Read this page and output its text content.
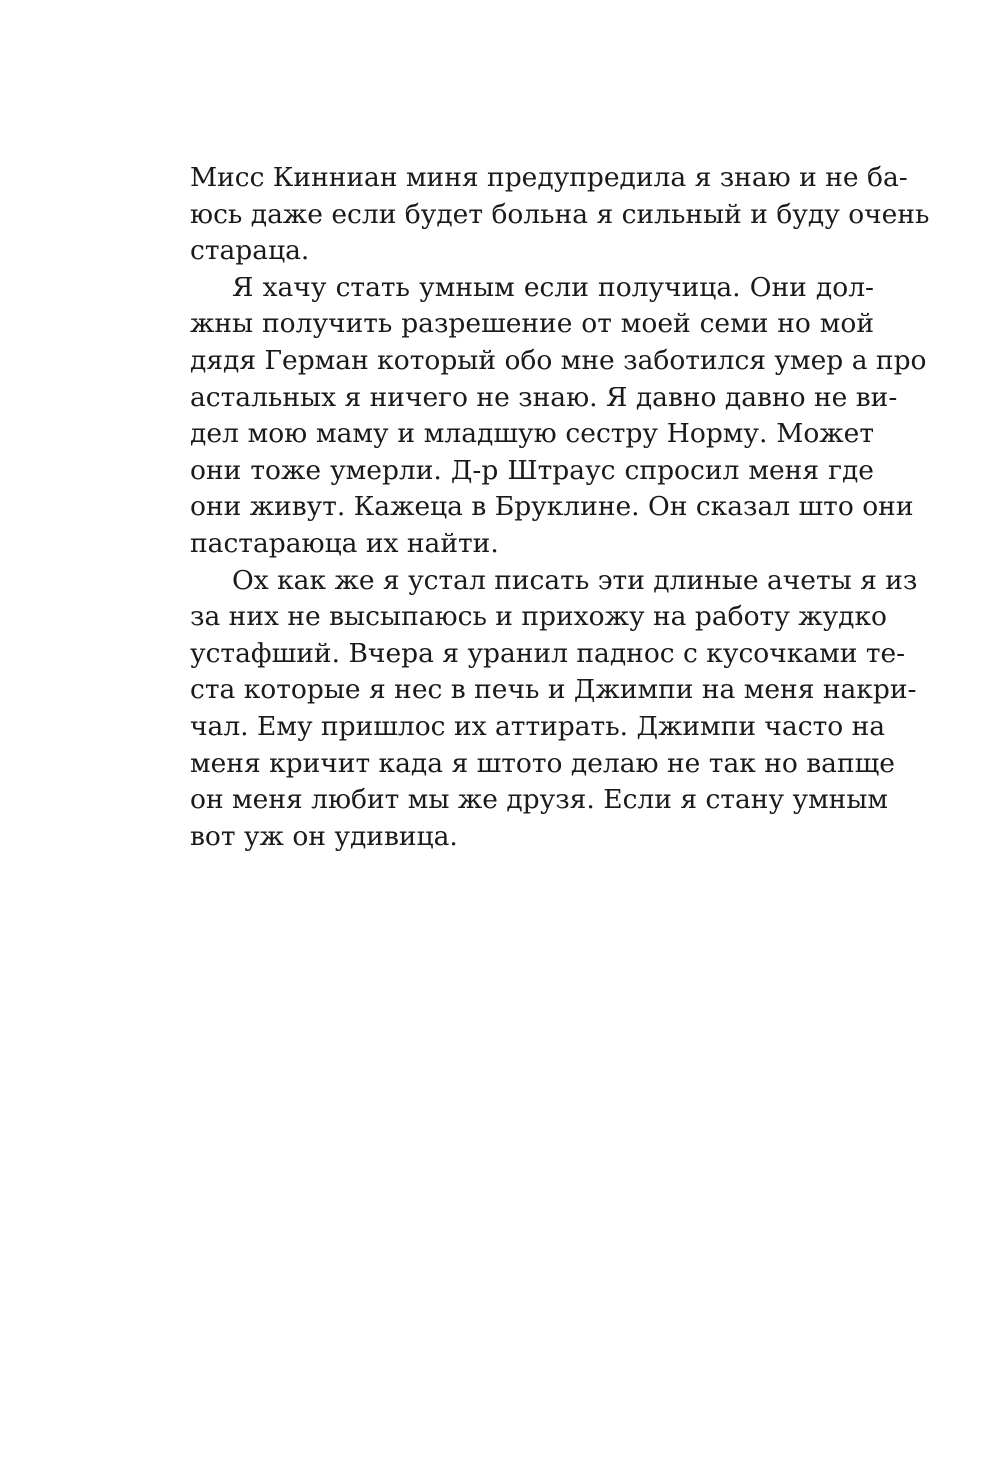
Мисс Кинниан миня предупредила я знаю и не ба-
юсь даже если будет больна я сильный и буду очень
стараца.
Я хачу стать умным если получица. Они дол-
жны получить разрешение от моей семи но мой
дядя Герман который обо мне заботился умер а про
астальных я ничего не знаю. Я давно давно не ви-
дел мою маму и младшую сестру Норму. Может
они тоже умерли. Д-р Штраус спросил меня где
они живут. Кажеца в Бруклине. Он сказал што они
пастараюца их найти.
Ох как же я устал писать эти длиные ачеты я из
за них не высыпаюсь и прихожу на работу жудко
устафший. Вчера я уранил паднос с кусочками те-
ста которые я нес в печь и Джимпи на меня накри-
чал. Ему пришлос их аттирать. Джимпи часто на
меня кричит када я штото делаю не так но вапще
он меня любит мы же друзя. Если я стану умным
вот уж он удивица.
